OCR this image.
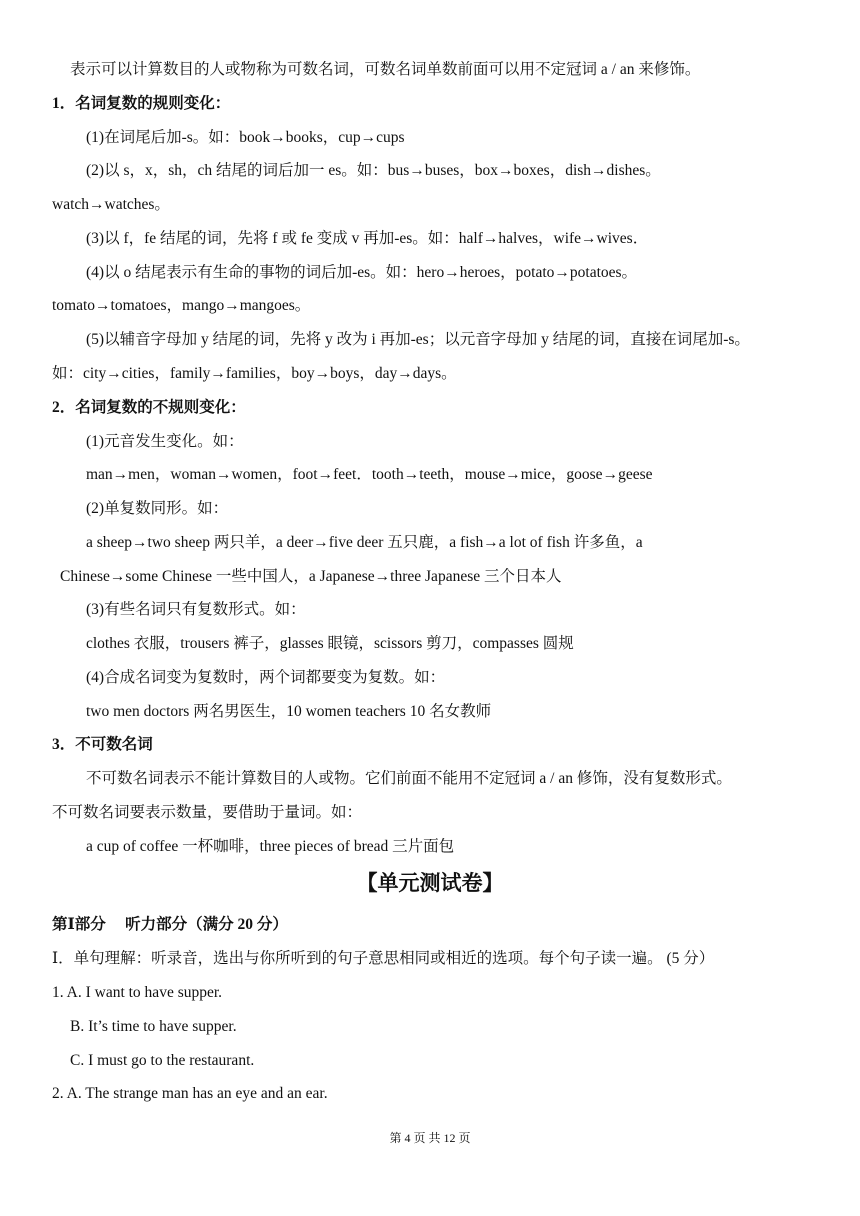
表示可以计算数目的人或物称为可数名词，可数名词单数前面可以用不定冠词 a / an 来修饰。
1．名词复数的规则变化：
(1)在词尾后加-s。如：book→books，cup→cups
(2)以 s，x，sh，ch 结尾的词后加一 es。如：bus→buses，box→boxes，dish→dishes。
watch→watches。
(3)以 f，fe 结尾的词，先将 f 或 fe 变成 v 再加-es。如：half→halves，wife→wives．
(4)以 o 结尾表示有生命的事物的词后加-es。如：hero→heroes，potato→potatoes。
tomato→tomatoes，mango→mangoes。
(5)以辅音字母加 y 结尾的词，先将 y 改为 i 再加-es；以元音字母加 y 结尾的词，直接在词尾加-s。
如：city→cities，family→families，boy→boys，day→days。
2．名词复数的不规则变化：
(1)元音发生变化。如：
man→men，woman→women，foot→feet．tooth→teeth，mouse→mice，goose→geese
(2)单复数同形。如：
a sheep→two sheep 两只羊，a deer→five deer 五只鹿，a fish→a lot of fish 许多鱼，a
Chinese→some Chinese 一些中国人，a Japanese→three Japanese 三个日本人
(3)有些名词只有复数形式。如：
clothes 衣服，trousers 裤子，glasses 眼镜，scissors 剪刀，compasses 圆规
(4)合成名词变为复数时，两个词都要变为复数。如：
two men doctors 两名男医生，10 women teachers 10 名女教师
3．不可数名词
不可数名词表示不能计算数目的人或物。它们前面不能用不定冠词 a / an 修饰，没有复数形式。
不可数名词要表示数量，要借助于量词。如：
a cup of coffee 一杯咖啡，three pieces of bread 三片面包
【单元测试卷】
第Ⅰ部分　 听力部分（满分 20 分）
Ⅰ．单句理解：听录音，选出与你所听到的句子意思相同或相近的选项。每个句子读一遍。 (5 分）
1. A. I want to have supper.
B. It’s time to have supper.
C. I must go to the restaurant.
2. A. The strange man has an eye and an ear.
第 4 页 共 12 页
